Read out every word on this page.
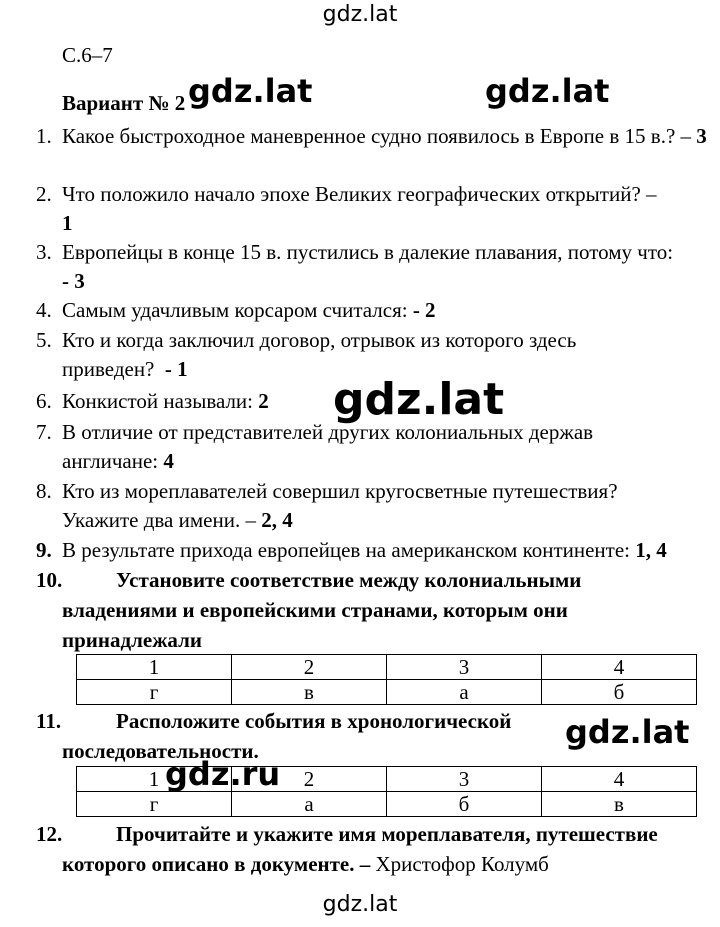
gdz.lat
С.6–7
Вариант № 2
1. Какое быстроходное маневренное судно появилось в Европе в 15 в.? – 3
2. Что положило начало эпохе Великих географических открытий? –
1
3. Европейцы в конце 15 в. пустились в далекие плавания, потому что:
- 3
4. Самым удачливым корсаром считался: - 2
5. Кто и когда заключил договор, отрывок из которого здесь приведен? - 1
6. Конкистой называли: 2
7. В отличие от представителей других колониальных держав англичане: 4
8. Кто из мореплавателей совершил кругосветные путешествия? Укажите два имени. – 2, 4
9. В результате прихода европейцев на американском континенте: 1, 4
10.	Установите соответствие между колониальными
владениями и европейскими странами, которым они
принадлежали
1	2	3	4
г	в	а	б
11.	Расположите события в хронологической
последовательности.
1	2	3	4
г	а	б	в
12.	Прочитайте и укажите имя мореплавателя, путешествие
которого описано в документе. – Христофор Колумб
gdz.lat	gdz.lat
gdz.lat
gdz.lat
gdz.ru
gdz.lat
